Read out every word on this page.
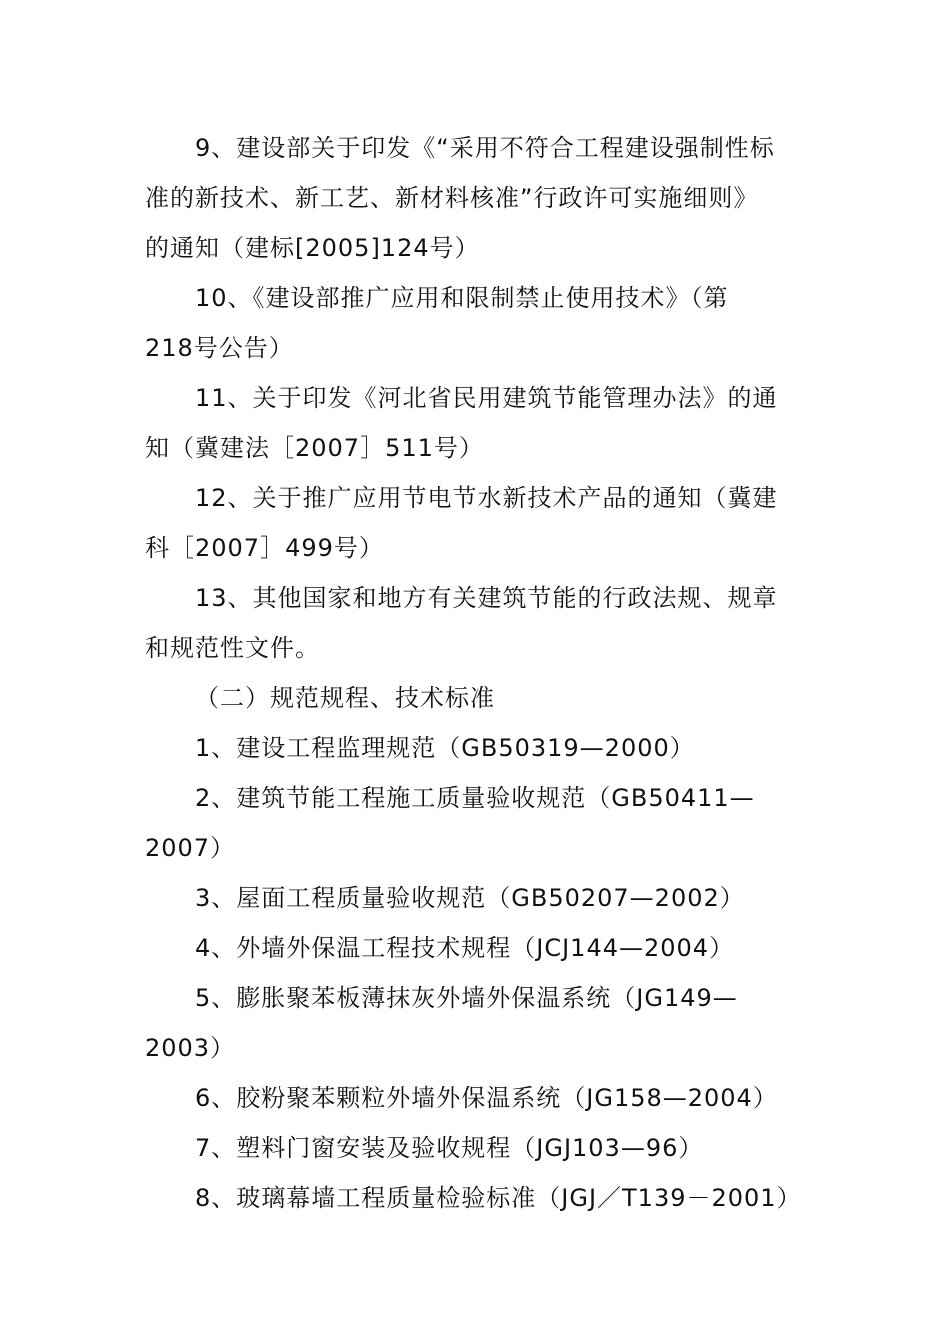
9、建设部关于印发《“采用不符合工程建设强制性标
准的新技术、新工艺、新材料核准”行政许可实施细则》
的通知（建标[2005]124号）
10、《建设部推广应用和限制禁止使用技术》（第
218号公告）
11、关于印发《河北省民用建筑节能管理办法》的通
知（冀建法［2007］511号）
12、关于推广应用节电节水新技术产品的通知（冀建
科［2007］499号）
13、其他国家和地方有关建筑节能的行政法规、规章
和规范性文件。
（二）规范规程、技术标准
1、建设工程监理规范（GB50319—2000）
2、建筑节能工程施工质量验收规范（GB50411—
2007）
3、屋面工程质量验收规范（GB50207—2002）
4、外墙外保温工程技术规程（JCJ144—2004）
5、膨胀聚苯板薄抹灰外墙外保温系统（JG149—
2003）
6、胶粉聚苯颗粒外墙外保温系统（JG158—2004）
7、塑料门窗安装及验收规程（JGJ103—96）
8、玻璃幕墙工程质量检验标准（JGJ／T139－2001）
